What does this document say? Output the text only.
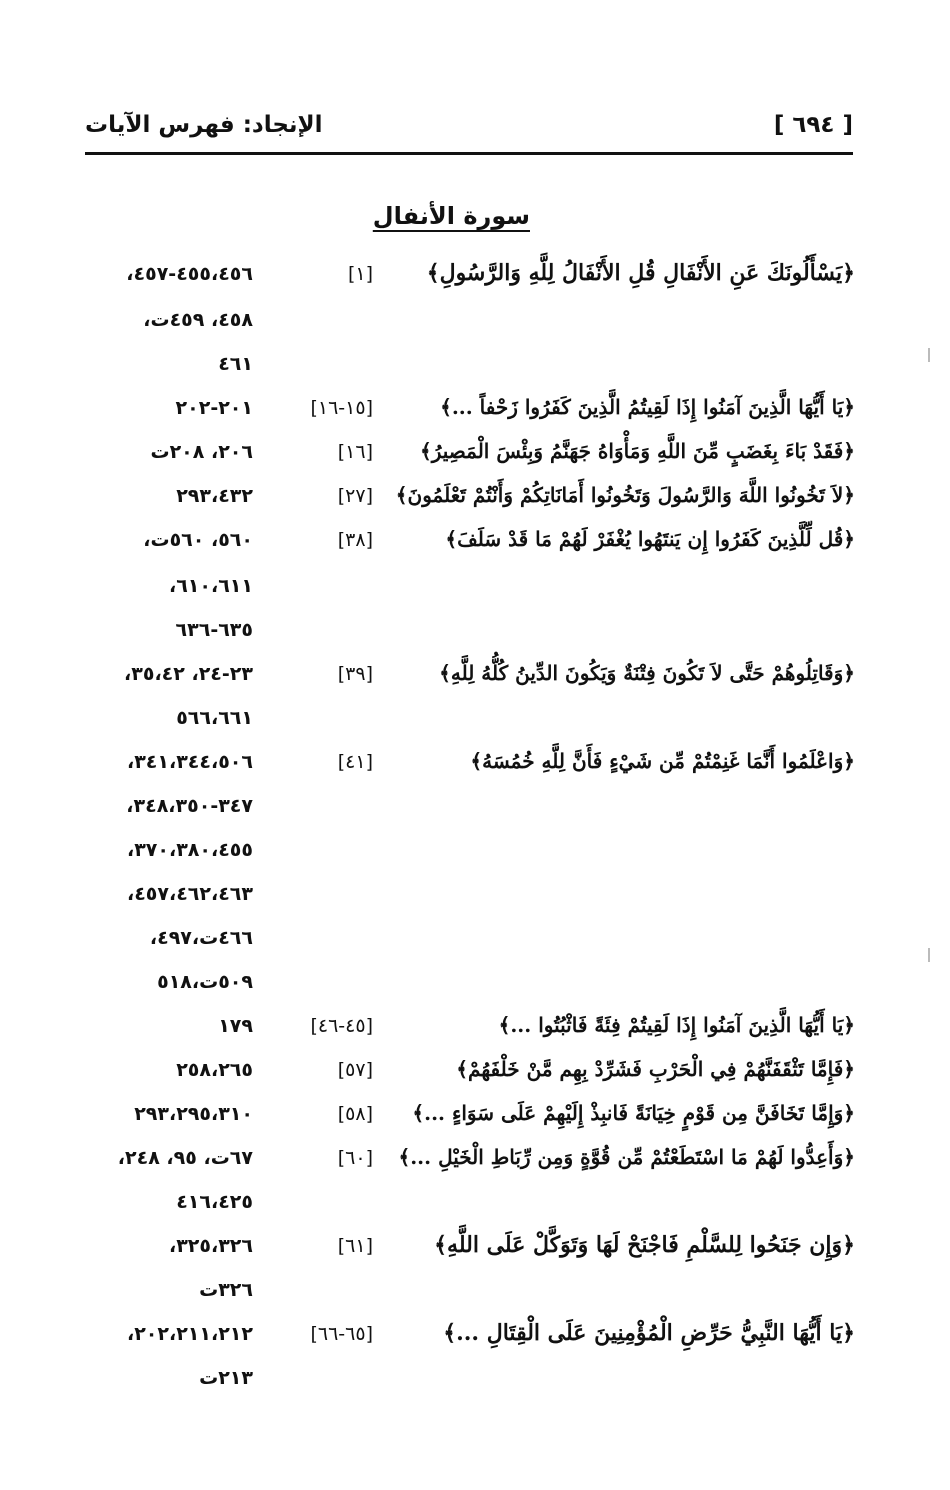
الإنجاد: فهرس الآيات	[ ٦٩٤ ]
سورة الأنفال
﴿يَسْأَلُونَكَ عَنِ الأَنْفَالِ قُلِ الأَنْفَالُ لِلَّهِ وَالرَّسُولِ﴾
[١]
٤٥٥،٤٥٦-٤٥٧،
٤٥٨، ٤٥٩ت،
٤٦١
﴿يَا أَيُّهَا الَّذِينَ آمَنُوا إِذَا لَقِيتُمُ الَّذِينَ كَفَرُوا زَحْفاً ...﴾
[١٥-١٦]
٢٠١-٢٠٢
﴿فَقَدْ بَاءَ بِغَضَبٍ مِّنَ اللَّهِ وَمَأْوَاهُ جَهَنَّمُ وَبِئْسَ الْمَصِيرُ﴾
[١٦]
٢٠٦، ٢٠٨ت
﴿لاَ تَخُونُوا اللَّهَ وَالرَّسُولَ وَتَخُونُوا أَمَانَاتِكُمْ وَأَنْتُمْ تَعْلَمُونَ﴾
[٢٧]
٢٩٣،٤٣٢
﴿قُل لِّلَّذِينَ كَفَرُوا إِن يَنتَهُوا يُغْفَرْ لَهُمْ مَا قَدْ سَلَفَ﴾
[٣٨]
٥٦٠، ٥٦٠ت،
٦١٠،٦١١،
٦٣٥-٦٣٦
﴿وَقَاتِلُوهُمْ حَتَّى لاَ تَكُونَ فِتْنَةٌ وَيَكُونَ الدِّينُ كُلُّهُ لِلَّهِ﴾
[٣٩]
٢٣-٢٤، ٣٥،٤٢،
٥٦٦،٦٦١
﴿وَاعْلَمُوا أَنَّمَا غَنِمْتُمْ مِّن شَيْءٍ فَأَنَّ لِلَّهِ خُمُسَهُ﴾
[٤١]
٣٤١،٣٤٤،٥٠٦،
٣٤٧-٣٤٨،٣٥٠،
٣٧٠،٣٨٠،٤٥٥،
٤٥٧،٤٦٢،٤٦٣،
٤٦٦ت،٤٩٧،
٥٠٩ت،٥١٨
﴿يَا أَيُّهَا الَّذِينَ آمَنُوا إِذَا لَقِيتُمْ فِئَةً فَاثْبُتُوا ...﴾
[٤٥-٤٦]
١٧٩
﴿فَإِمَّا تَثْقَفَنَّهُمْ فِي الْحَرْبِ فَشَرِّدْ بِهِم مَّنْ خَلْفَهُمْ﴾
[٥٧]
٢٥٨،٢٦٥
﴿وَإِمَّا تَخَافَنَّ مِن قَوْمٍ خِيَانَةً فَانبِذْ إِلَيْهِمْ عَلَى سَوَاءٍ ...﴾
[٥٨]
٢٩٣،٢٩٥،٣١٠
﴿وَأَعِدُّوا لَهُمْ مَا اسْتَطَعْتُمْ مِّن قُوَّةٍ وَمِن رِّبَاطِ الْخَيْلِ ...﴾
[٦٠]
٦٧ت، ٩٥، ٢٤٨،
٤١٦،٤٢٥
﴿وَإِن جَنَحُوا لِلسَّلْمِ فَاجْنَحْ لَهَا وَتَوَكَّلْ عَلَى اللَّهِ﴾
[٦١]
٣٢٥،٣٢٦،
٣٢٦ت
﴿يَا أَيُّهَا النَّبِيُّ حَرِّضِ الْمُؤْمِنِينَ عَلَى الْقِتَالِ ...﴾
[٦٥-٦٦]
٢٠٢،٢١١،٢١٢،
٢١٣ت
